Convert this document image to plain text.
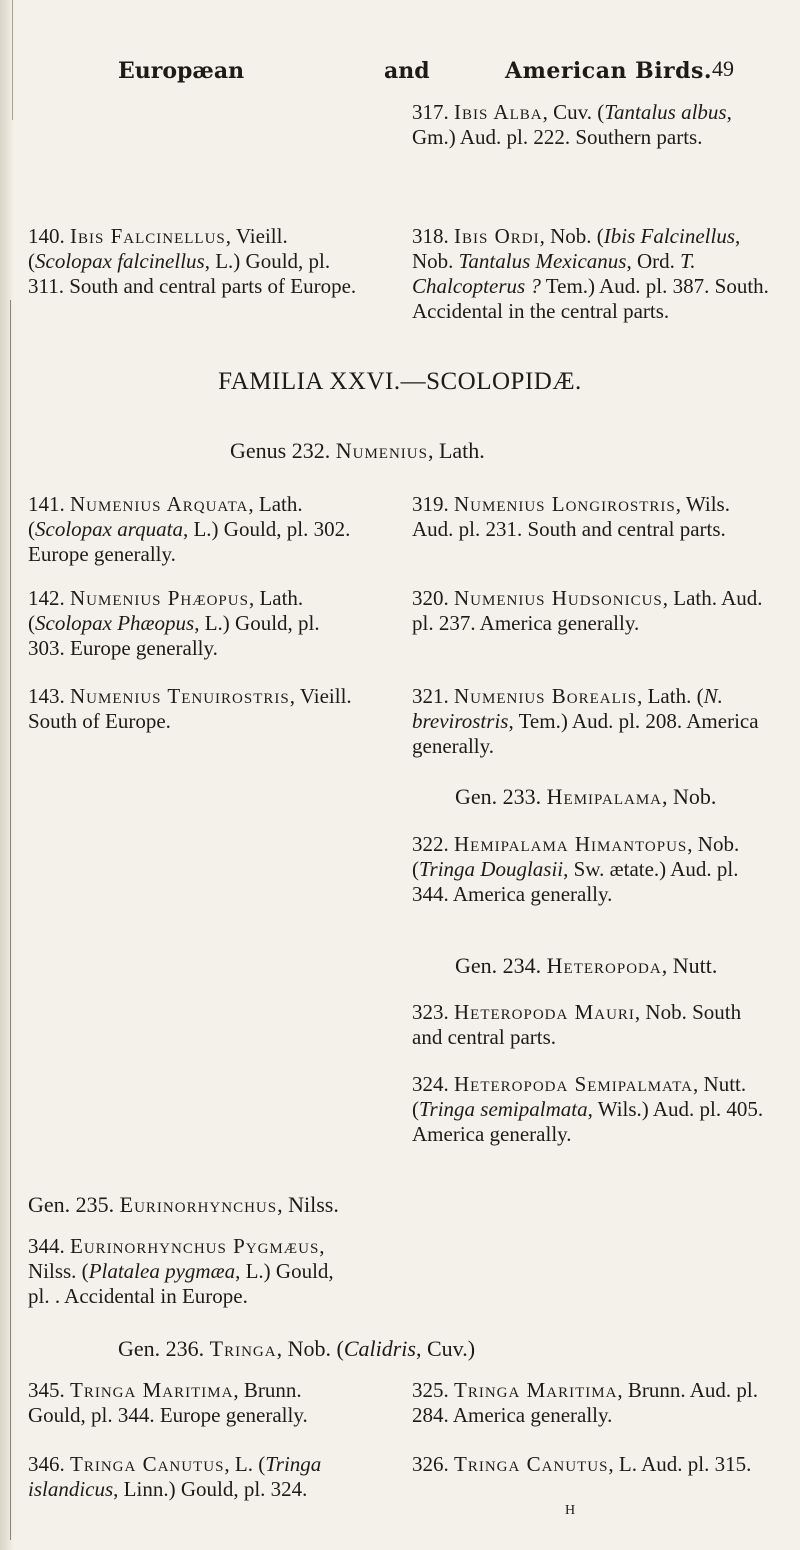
Europæan	and	American Birds. 49
317. Ibis Alba, Cuv. (Tantalus albus, Gm.) Aud. pl. 222. Southern parts.
140. Ibis Falcinellus, Vieill. (Scolopax falcinellus, L.) Gould, pl. 311. South and central parts of Europe.
318. Ibis Ordi, Nob. (Ibis Falcinellus, Nob. Tantalus Mexicanus, Ord. T. Chalcopterus ? Tem.) Aud. pl. 387. South. Accidental in the central parts.
FAMILIA XXVI.—SCOLOPIDÆ.
Genus 232. Numenius, Lath.
141. Numenius Arquata, Lath. (Scolopax arquata, L.) Gould, pl. 302. Europe generally.
142. Numenius Phæopus, Lath. (Scolopax Phæopus, L.) Gould, pl. 303. Europe generally.
143. Numenius Tenuirostris, Vieill. South of Europe.
319. Numenius Longirostris, Wils. Aud. pl. 231. South and central parts.
320. Numenius Hudsonicus, Lath. Aud. pl. 237. America generally.
321. Numenius Borealis, Lath. (N. brevirostris, Tem.) Aud. pl. 208. America generally.
Gen. 233. Hemipalama, Nob.
322. Hemipalama Himantopus, Nob. (Tringa Douglasii, Sw. ætate.) Aud. pl. 344. America generally.
Gen. 234. Heteropoda, Nutt.
323. Heteropoda Mauri, Nob. South and central parts.
324. Heteropoda Semipalmata, Nutt. (Tringa semipalmata, Wils.) Aud. pl. 405. America generally.
Gen. 235. Eurinorhynchus, Nilss.
344. Eurinorhynchus Pygmæus, Nilss. (Platalea pygmæa, L.) Gould, pl. . Accidental in Europe.
Gen. 236. Tringa, Nob. (Calidris, Cuv.)
345. Tringa Maritima, Brunn. Gould, pl. 344. Europe generally.
325. Tringa Maritima, Brunn. Aud. pl. 284. America generally.
346. Tringa Canutus, L. (Tringa islandicus, Linn.) Gould, pl. 324.
326. Tringa Canutus, L. Aud. pl. 315.
H
